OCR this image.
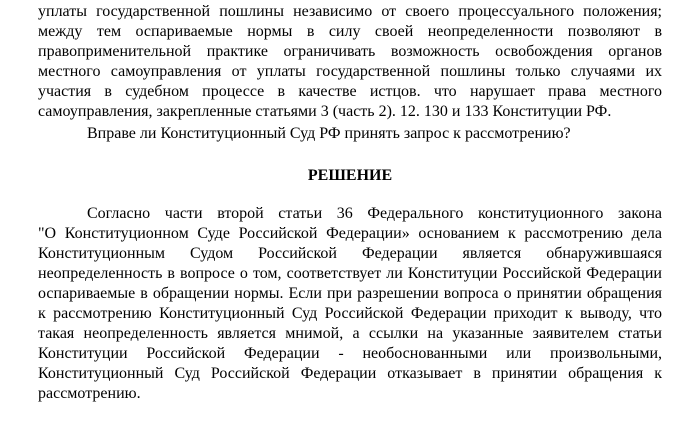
уплаты государственной пошлины независимо от своего процессуального положения;
между тем оспариваемые нормы в силу своей неопределенности позволяют в
правоприменительной практике ограничивать возможность освобождения органов
местного самоуправления от уплаты государственной пошлины только случаями их
участия в судебном процессе в качестве истцов. что нарушает права местного
самоуправления, закрепленные статьями 3 (часть 2). 12. 130 и 133 Конституции РФ.
Вправе ли Конституционный Суд РФ принять запрос к рассмотрению?
РЕШЕНИЕ
Согласно части второй статьи 36 Федерального конституционного закона
"О Конституционном Суде Российской Федерации» основанием к рассмотрению дела
Конституционным Судом Российской Федерации является обнаружившаяся
неопределенность в вопросе о том, соответствует ли Конституции Российской Федерации
оспариваемые в обращении нормы. Если при разрешении вопроса о принятии обращения
к рассмотрению Конституционный Суд Российской Федерации приходит к выводу, что
такая неопределенность является мнимой, а ссылки на указанные заявителем статьи
Конституции Российской Федерации - необоснованными или произвольными,
Конституционный Суд Российской Федерации отказывает в принятии обращения к
рассмотрению.
